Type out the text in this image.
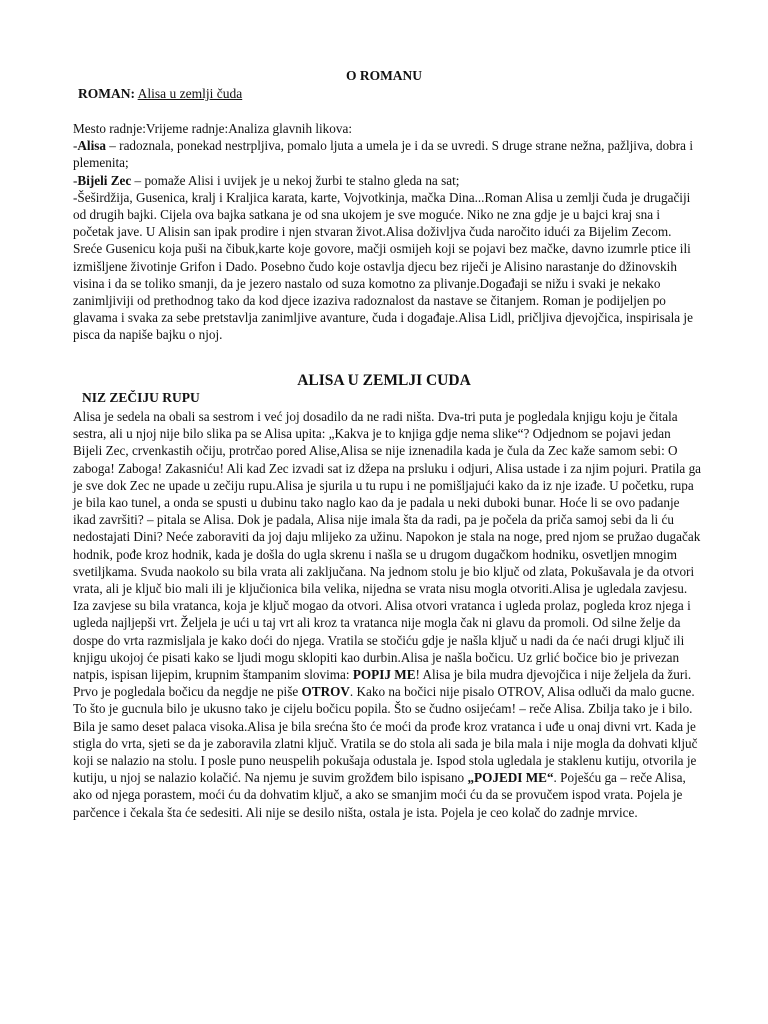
O ROMANU
ROMAN: Alisa u zemlji čuda

Mesto radnje:Vrijeme radnje:Analiza glavnih likova:

-Alisa – radoznala, ponekad nestrpljiva, pomalo ljuta a umela je i da se uvredi. S druge strane nežna, pažljiva, dobra i plemenita;

-Bijeli Zec – pomaže Alisi i uvijek je u nekoj žurbi te stalno gleda na sat;

-Šeširdžija, Gusenica, kralj i Kraljica karata, karte, Vojvotkinja, mačka Dina...Roman Alisa u zemlji čuda je drugačiji od drugih bajki. Cijela ova bajka satkana je od sna ukojem je sve moguće. Niko ne zna gdje je u bajci kraj sna i početak jave. U Alisin san ipak prodire i njen stvaran život.Alisa doživljva čuda naročito idući za Bijelim Zecom. Sreće Gusenicu koja puši na čibuk,karte koje govore, mačji osmijeh koji se pojavi bez mačke, davno izumrle ptice ili izmišljene životinje Grifon i Dado. Posebno čudo koje ostavlja djecu bez riječi je Alisino narastanje do džinovskih visina i da se toliko smanji, da je jezero nastalo od suza komotno za plivanje.Događaji se nižu i svaki je nekako zanimljiviji od prethodnog tako da kod djece izaziva radoznalost da nastave se čitanjem. Roman je podijeljen po glavama i svaka za sebe pretstavlja zanimljive avanture, čuda i događaje.Alisa Lidl, pričljiva djevojčica, inspirisala je pisca da napiše bajku o njoj.

ALISA U ZEMLJI CUDA
NIZ ZEČIJU RUPU

Alisa je sedela na obali sa sestrom i već joj dosadilo da ne radi ništa. Dva-tri puta je pogledala knjigu koju je čitala sestra, ali u njoj nije bilo slika pa se Alisa upita: „Kakva je to knjiga gdje nema slike“? Odjednom se pojavi jedan Bijeli Zec, crvenkastih očiju, protrčao pored Alise,Alisa se nije iznenadila kada je čula da Zec kaže samom sebi: O zaboga! Zaboga! Zakasniću! Ali kad Zec izvadi sat iz džepa na prsluku i odjuri, Alisa ustade i za njim pojuri. Pratila ga je sve dok Zec ne upade u zečiju rupu.Alisa je sjurila u tu rupu i ne pomišljajući kako da iz nje izađe. U početku, rupa je bila kao tunel, a onda se spusti u dubinu tako naglo kao da je padala u neki duboki bunar. Hoće li se ovo padanje ikad završiti? – pitala se Alisa. Dok je padala, Alisa nije imala šta da radi, pa je počela da priča samoj sebi da li ću nedostajati Dini? Neće zaboraviti da joj daju mlijeko za užinu. Napokon je stala na noge, pred njom se pružao dugačak hodnik, pođe kroz hodnik, kada je došla do ugla skrenu i našla se u drugom dugačkom hodniku, osvetljen mnogim svetiljkama. Svuda naokolo su bila vrata ali zaključana. Na jednom stolu je bio ključ od zlata, Pokušavala je da otvori vrata, ali je ključ bio mali ili je ključionica bila velika, nijedna se vrata nisu mogla otvoriti.Alisa je ugledala zavjesu. Iza zavjese su bila vratanca, koja je ključ mogao da otvori. Alisa otvori vratanca i ugleda prolaz, pogleda kroz njega i ugleda najljepši vrt. Željela je ući u taj vrt ali kroz ta vratanca nije mogla čak ni glavu da promoli. Od silne želje da dospe do vrta razmisljala je kako doći do njega. Vratila se stočiću gdje je našla ključ u nadi da će naći drugi ključ ili knjigu ukojoj će pisati kako se ljudi mogu sklopiti kao durbin.Alisa je našla bočicu. Uz grlić bočice bio je privezan natpis, ispisan lijepim, krupnim štampanim slovima: POPIJ ME! Alisa je bila mudra djevojčica i nije željela da žuri. Prvo je pogledala bočicu da negdje ne piše OTROV. Kako na bočici nije pisalo OTROV, Alisa odluči da malo gucne. To što je gucnula bilo je ukusno tako je cijelu bočicu popila. Što se čudno osijećam! – reče Alisa. Zbilja tako je i bilo. Bila je samo deset palaca visoka.Alisa je bila srećna što će moći da prođe kroz vratanca i uđe u onaj divni vrt. Kada je stigla do vrta, sjeti se da je zaboravila zlatni ključ. Vratila se do stola ali sada je bila mala i nije mogla da dohvati ključ koji se nalazio na stolu. I posle puno neuspelih pokušaja odustala je. Ispod stola ugledala je staklenu kutiju, otvorila je kutiju, u njoj se nalazio kolačić. Na njemu je suvim grožđem bilo ispisano „POJEDI ME“. Poješću ga – reče Alisa, ako od njega porastem, moći ću da dohvatim ključ, a ako se smanjim moći ću da se provučem ispod vrata. Pojela je parčence i čekala šta će sedesiti. Ali nije se desilo ništa, ostala je ista. Pojela je ceo kolač do zadnje mrvice.
